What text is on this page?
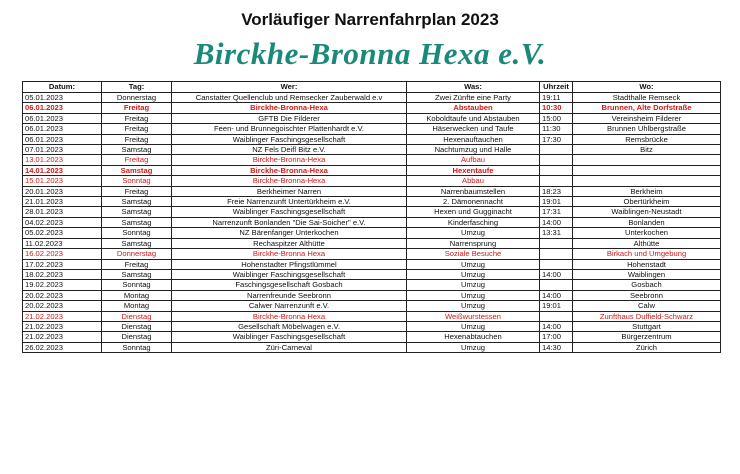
Vorläufiger Narrenfahrplan 2023
Birckhe-Bronna Hexa e.V.
Datum:	Tag:	Wer:	Was:	Uhrzeit	Wo:
05.01.2023	Donnerstag	Canstatter Quellenclub und Remsecker Zauberwald e.v	Zwei Zünfte eine Party	19:11	Stadthalle Remseck
06.01.2023	Freitag	Birckhe-Bronna-Hexa	Abstauben	10:30	Brunnen, Alte Dorfstraße
06.01.2023	Freitag	GFTB Die Filderer	Koboldtaufe und Abstauben	15:00	Vereinsheim Filderer
06.01.2023	Freitag	Feen- und Brunnegoischter Plattenhardt e.V.	Häserwecken und Taufe	11:30	Brunnen Uhlbergstraße
06.01.2023	Freitag	Waiblinger Faschingsgesellschaft	Hexenauftauchen	17:30	Remsbrücke
07.01.2023	Samstag	NZ Fels Deifl Bitz e.V.	Nachtumzug und Halle		Bitz
13.01.2023	Freitag	Birckhe-Bronna-Hexa	Aufbau		
14.01.2023	Samstag	Birckhe-Bronna-Hexa	Hexentaufe		
15.01.2023	Sonntag	Birckhe-Bronna-Hexa	Abbau		
20.01.2023	Freitag	Berkheimer Narren	Narrenbaumstellen	18:23	Berkheim
21.01.2023	Samstag	Freie Narrenzunft Untertürkheim e.V.	2. Dämonennacht	19:01	Obertürkheim
28.01.2023	Samstag	Waiblinger Faschingsgesellschaft	Hexen und Gugginacht	17:31	Waiblingen-Neustadt
04.02.2023	Samstag	Narrenzunft Bonlanden "Die Sai-Soicher" e.V.	Kinderfasching	14:00	Bonlanden
05.02.2023	Sonntag	NZ Bärenfanger Unterkochen	Umzug	13:31	Unterkochen
11.02.2023	Samstag	Rechaspitzer Althütte	Narrensprung		Althütte
16.02.2023	Donnerstag	Birckhe-Bronna Hexa	Soziale Besuche		Birkach und Umgebung
17.02.2023	Freitag	Hohenstadter Pfingstlümmel	Umzug		Hohenstadt
18.02.2023	Samstag	Waiblinger Faschingsgesellschaft	Umzug	14:00	Waiblingen
19.02.2023	Sonntag	Faschingsgesellschaft Gosbach	Umzug		Gosbach
20.02.2023	Montag	Narrenfreunde Seebronn	Umzug	14:00	Seebronn
20.02.2023	Montag	Calwer Narrenzunft e.V.	Umzug	19:01	Calw
21.02.2023	Dienstag	Birckhe-Bronna Hexa	Weißwurstessen		Zunfthaus Duffield-Schwarz
21.02.2023	Dienstag	Gesellschaft Möbelwagen e.V.	Umzug	14:00	Stuttgart
21.02.2023	Dienstag	Waiblinger Faschingsgesellschaft	Hexenabtauchen	17:00	Bürgerzentrum
26.02.2023	Sonntag	Züri-Carneval	Umzug	14:30	Zürich
